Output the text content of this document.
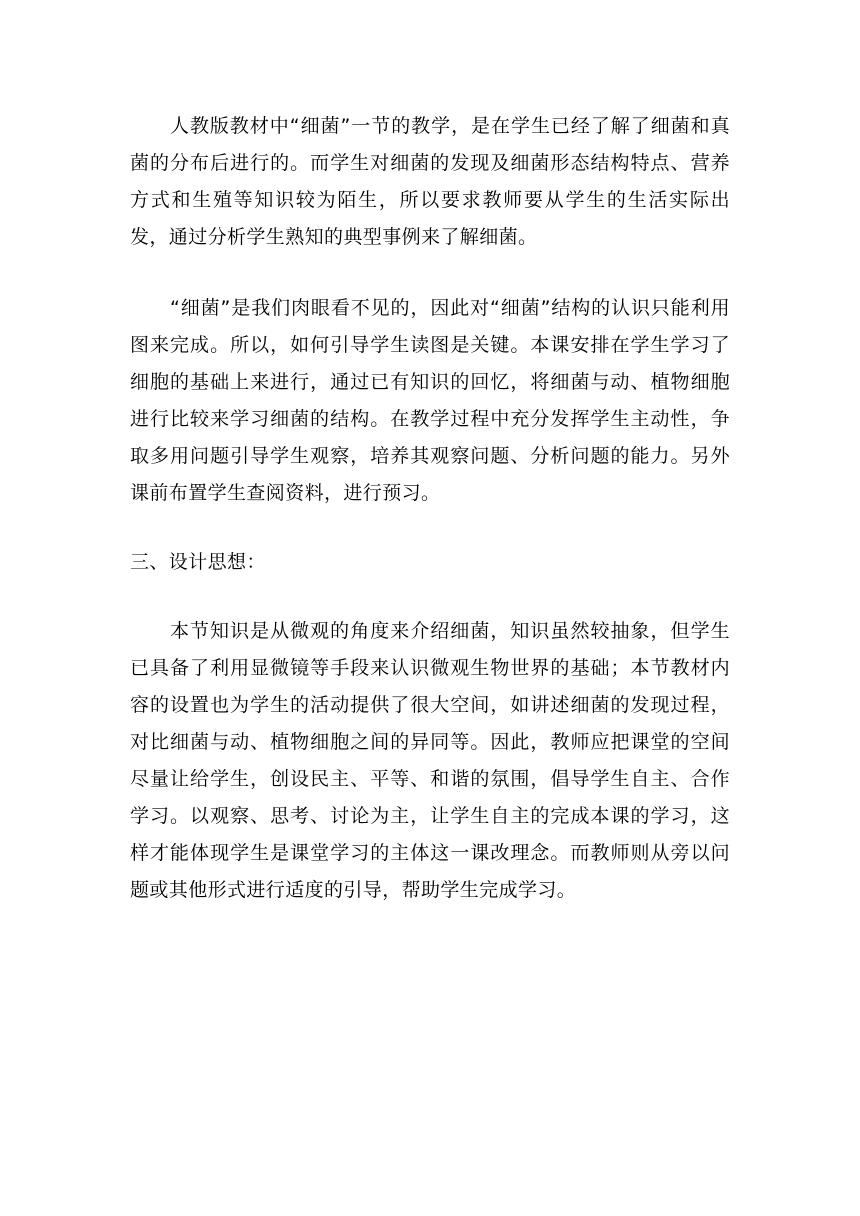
人教版教材中“细菌”一节的教学，是在学生已经了解了细菌和真菌的分布后进行的。而学生对细菌的发现及细菌形态结构特点、营养方式和生殖等知识较为陌生，所以要求教师要从学生的生活实际出发，通过分析学生熟知的典型事例来了解细菌。

“细菌”是我们肉眼看不见的，因此对“细菌”结构的认识只能利用图来完成。所以，如何引导学生读图是关键。本课安排在学生学习了细胞的基础上来进行，通过已有知识的回忆，将细菌与动、植物细胞进行比较来学习细菌的结构。在教学过程中充分发挥学生主动性，争取多用问题引导学生观察，培养其观察问题、分析问题的能力。另外课前布置学生查阅资料，进行预习。

三、设计思想：

本节知识是从微观的角度来介绍细菌，知识虽然较抽象，但学生已具备了利用显微镜等手段来认识微观生物世界的基础；本节教材内容的设置也为学生的活动提供了很大空间，如讲述细菌的发现过程，对比细菌与动、植物细胞之间的异同等。因此，教师应把课堂的空间尽量让给学生，创设民主、平等、和谐的氛围，倡导学生自主、合作学习。以观察、思考、讨论为主，让学生自主的完成本课的学习，这样才能体现学生是课堂学习的主体这一课改理念。而教师则从旁以问题或其他形式进行适度的引导，帮助学生完成学习。
